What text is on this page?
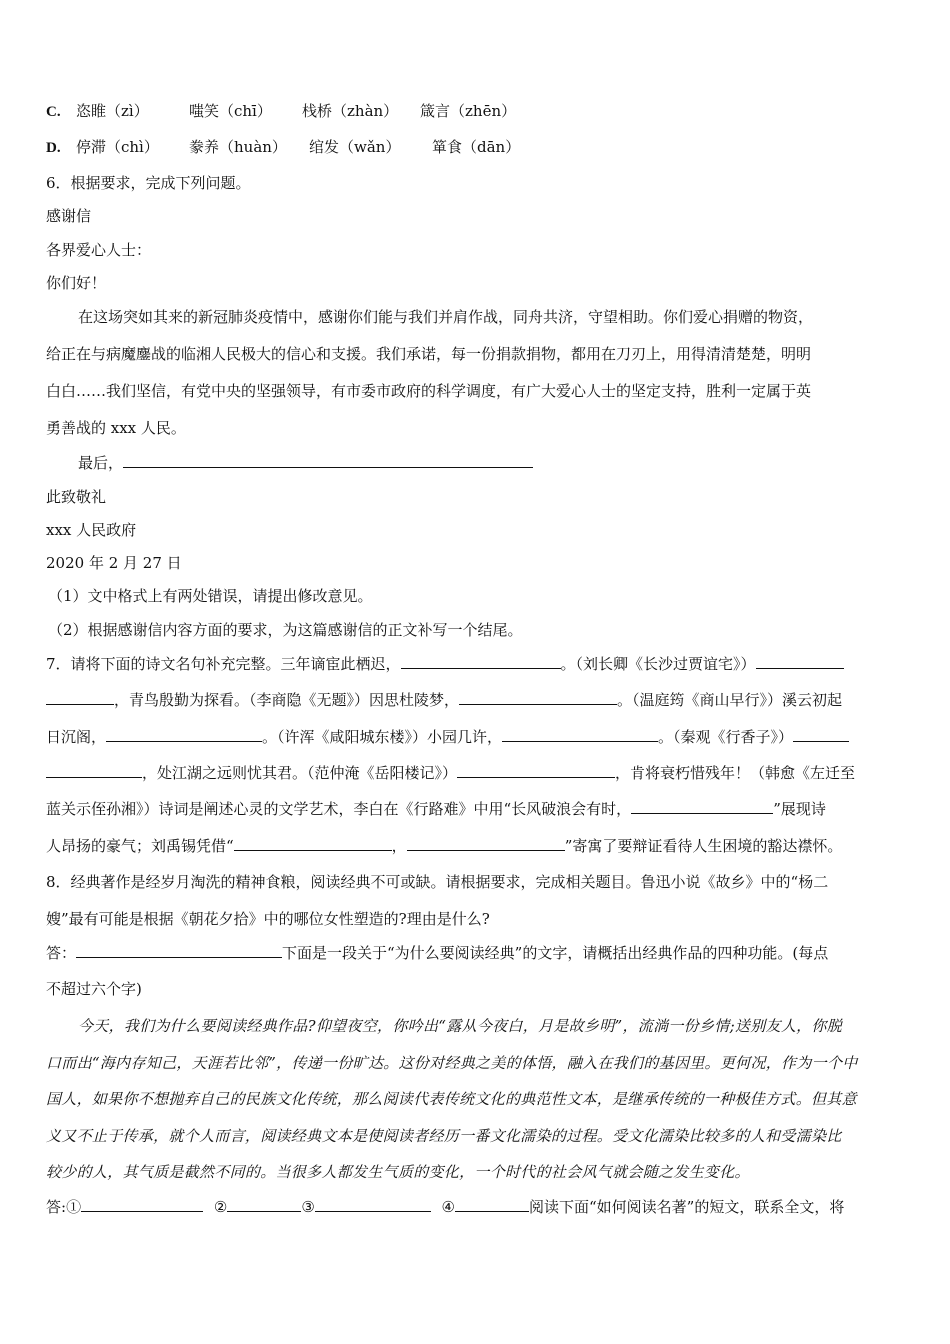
C. 恣睢（zì）	嗤笑（chī） 栈桥（zhàn） 箴言（zhēn）
D. 停滞（chì） 豢养（huàn） 绾发（wǎn） 箪食（dān）
6．根据要求，完成下列问题。
感谢信
各界爱心人士：
你们好！
在这场突如其来的新冠肺炎疫情中，感谢你们能与我们并肩作战，同舟共济，守望相助。你们爱心捐赠的物资，
给正在与病魔鏖战的临湘人民极大的信心和支援。我们承诺，每一份捐款捐物，都用在刀刃上，用得清清楚楚，明明
白白……我们坚信，有党中央的坚强领导，有市委市政府的科学调度，有广大爱心人士的坚定支持，胜利一定属于英
勇善战的 xxx 人民。
最后，
此致敬礼
xxx 人民政府
2020 年 2 月 27 日
（1）文中格式上有两处错误，请提出修改意见。
（2）根据感谢信内容方面的要求，为这篇感谢信的正文补写一个结尾。
7．请将下面的诗文名句补充完整。三年谪宦此栖迟，	。（刘长卿《长沙过贾谊宅》）
，青鸟殷勤为探看。（李商隐《无题》）因思杜陵梦，	。（温庭筠《商山早行》）溪云初起
日沉阁，	。（许浑《咸阳城东楼》）小园几许，	。（秦观《行香子》）
，处江湖之远则忧其君。（范仲淹《岳阳楼记》）	，肯将衰朽惜残年！（韩愈《左迁至
蓝关示侄孙湘》）诗词是阐述心灵的文学艺术，李白在《行路难》中用“长风破浪会有时，	”展现诗
人昂扬的豪气；刘禹锡凭借“	，	”寄寓了要辩证看待人生困境的豁达襟怀。
8．经典著作是经岁月淘洗的精神食粮，阅读经典不可或缺。请根据要求，完成相关题目。鲁迅小说《故乡》中的“杨二
嫂”最有可能是根据《朝花夕拾》中的哪位女性塑造的?理由是什么?
答：	下面是一段关于“为什么要阅读经典”的文字，请概括出经典作品的四种功能。(每点
不超过六个字)
今天，我们为什么要阅读经典作品?仰望夜空，你吟出“露从今夜白，月是故乡明”，流淌一份乡情;送别友人，你脱
口而出“海内存知己，天涯若比邻”，传递一份旷达。这份对经典之美的体悟，融入在我们的基因里。更何况，作为一个中
国人，如果你不想抛弃自己的民族文化传统，那么阅读代表传统文化的典范性文本，是继承传统的一种极佳方式。但其意
义又不止于传承，就个人而言，阅读经典文本是使阅读者经历一番文化濡染的过程。受文化濡染比较多的人和受濡染比
较少的人，其气质是截然不同的。当很多人都发生气质的变化，一个时代的社会风气就会随之发生变化。
答:①	②	③	④	阅读下面“如何阅读名著”的短文，联系全文，将
